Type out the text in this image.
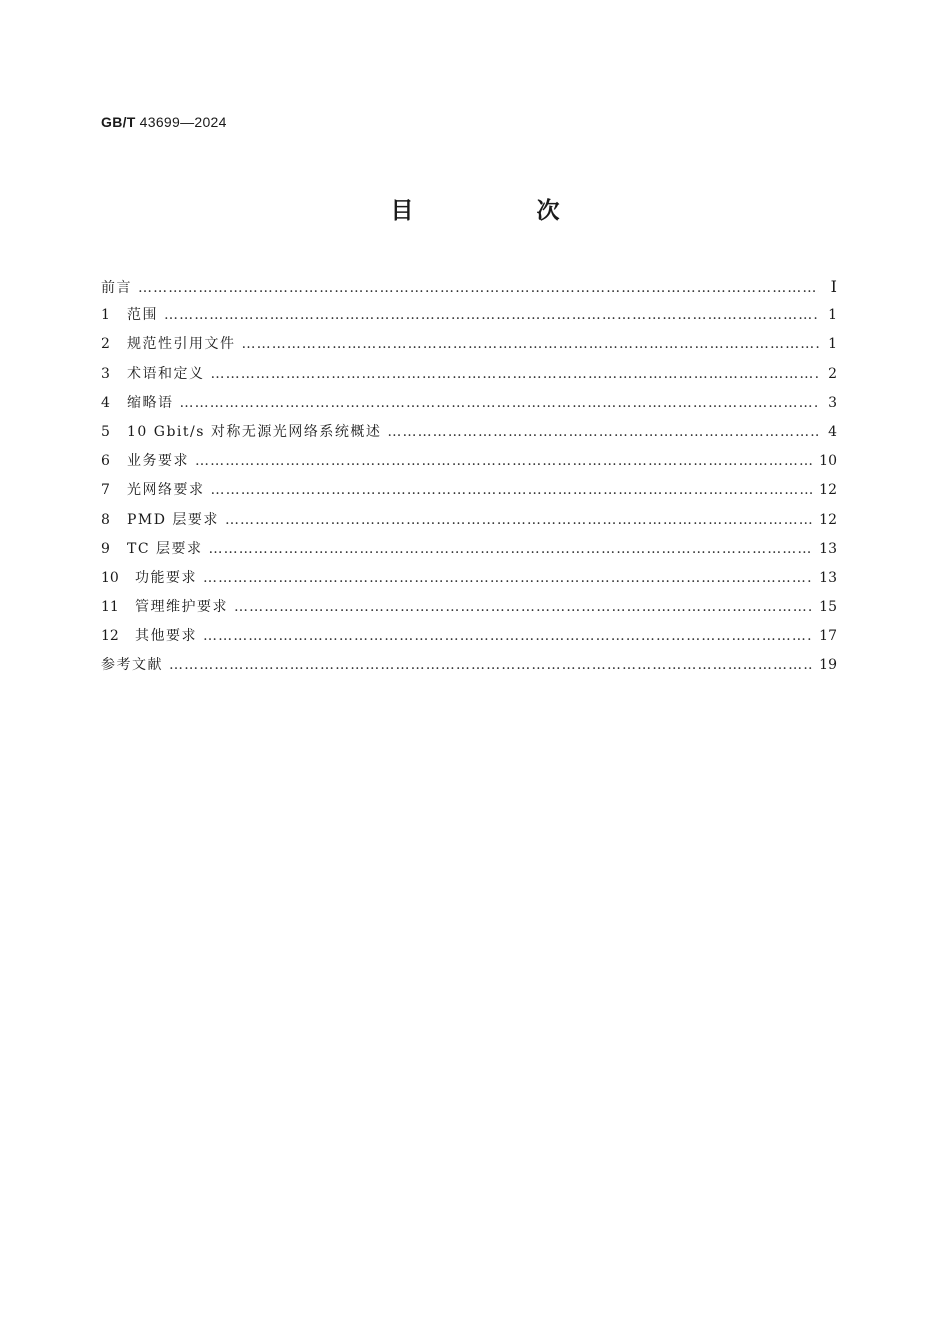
GB/T 43699—2024
目　次
前言 ……………………………………………………………………………………………………………………………………………………………………………………………………	Ⅰ
1	范围 ……………………………………………………………………………………………………………………………………………………………………………………………………	1
2	规范性引用文件 ……………………………………………………………………………………………………………………………………………………………………………………………………	1
3	术语和定义 ……………………………………………………………………………………………………………………………………………………………………………………………………	2
4	缩略语 ……………………………………………………………………………………………………………………………………………………………………………………………………	3
5	10 Gbit/s 对称无源光网络系统概述 ……………………………………………………………………………………………………………………………………………………………………………………………………	4
6	业务要求 ……………………………………………………………………………………………………………………………………………………………………………………………………	10
7	光网络要求 ……………………………………………………………………………………………………………………………………………………………………………………………………	12
8	PMD 层要求 ……………………………………………………………………………………………………………………………………………………………………………………………………	12
9	TC 层要求 ……………………………………………………………………………………………………………………………………………………………………………………………………	13
10	功能要求 ……………………………………………………………………………………………………………………………………………………………………………………………………	13
11	管理维护要求 ……………………………………………………………………………………………………………………………………………………………………………………………………	15
12	其他要求 ……………………………………………………………………………………………………………………………………………………………………………………………………	17
参考文献 ……………………………………………………………………………………………………………………………………………………………………………………………………	19
